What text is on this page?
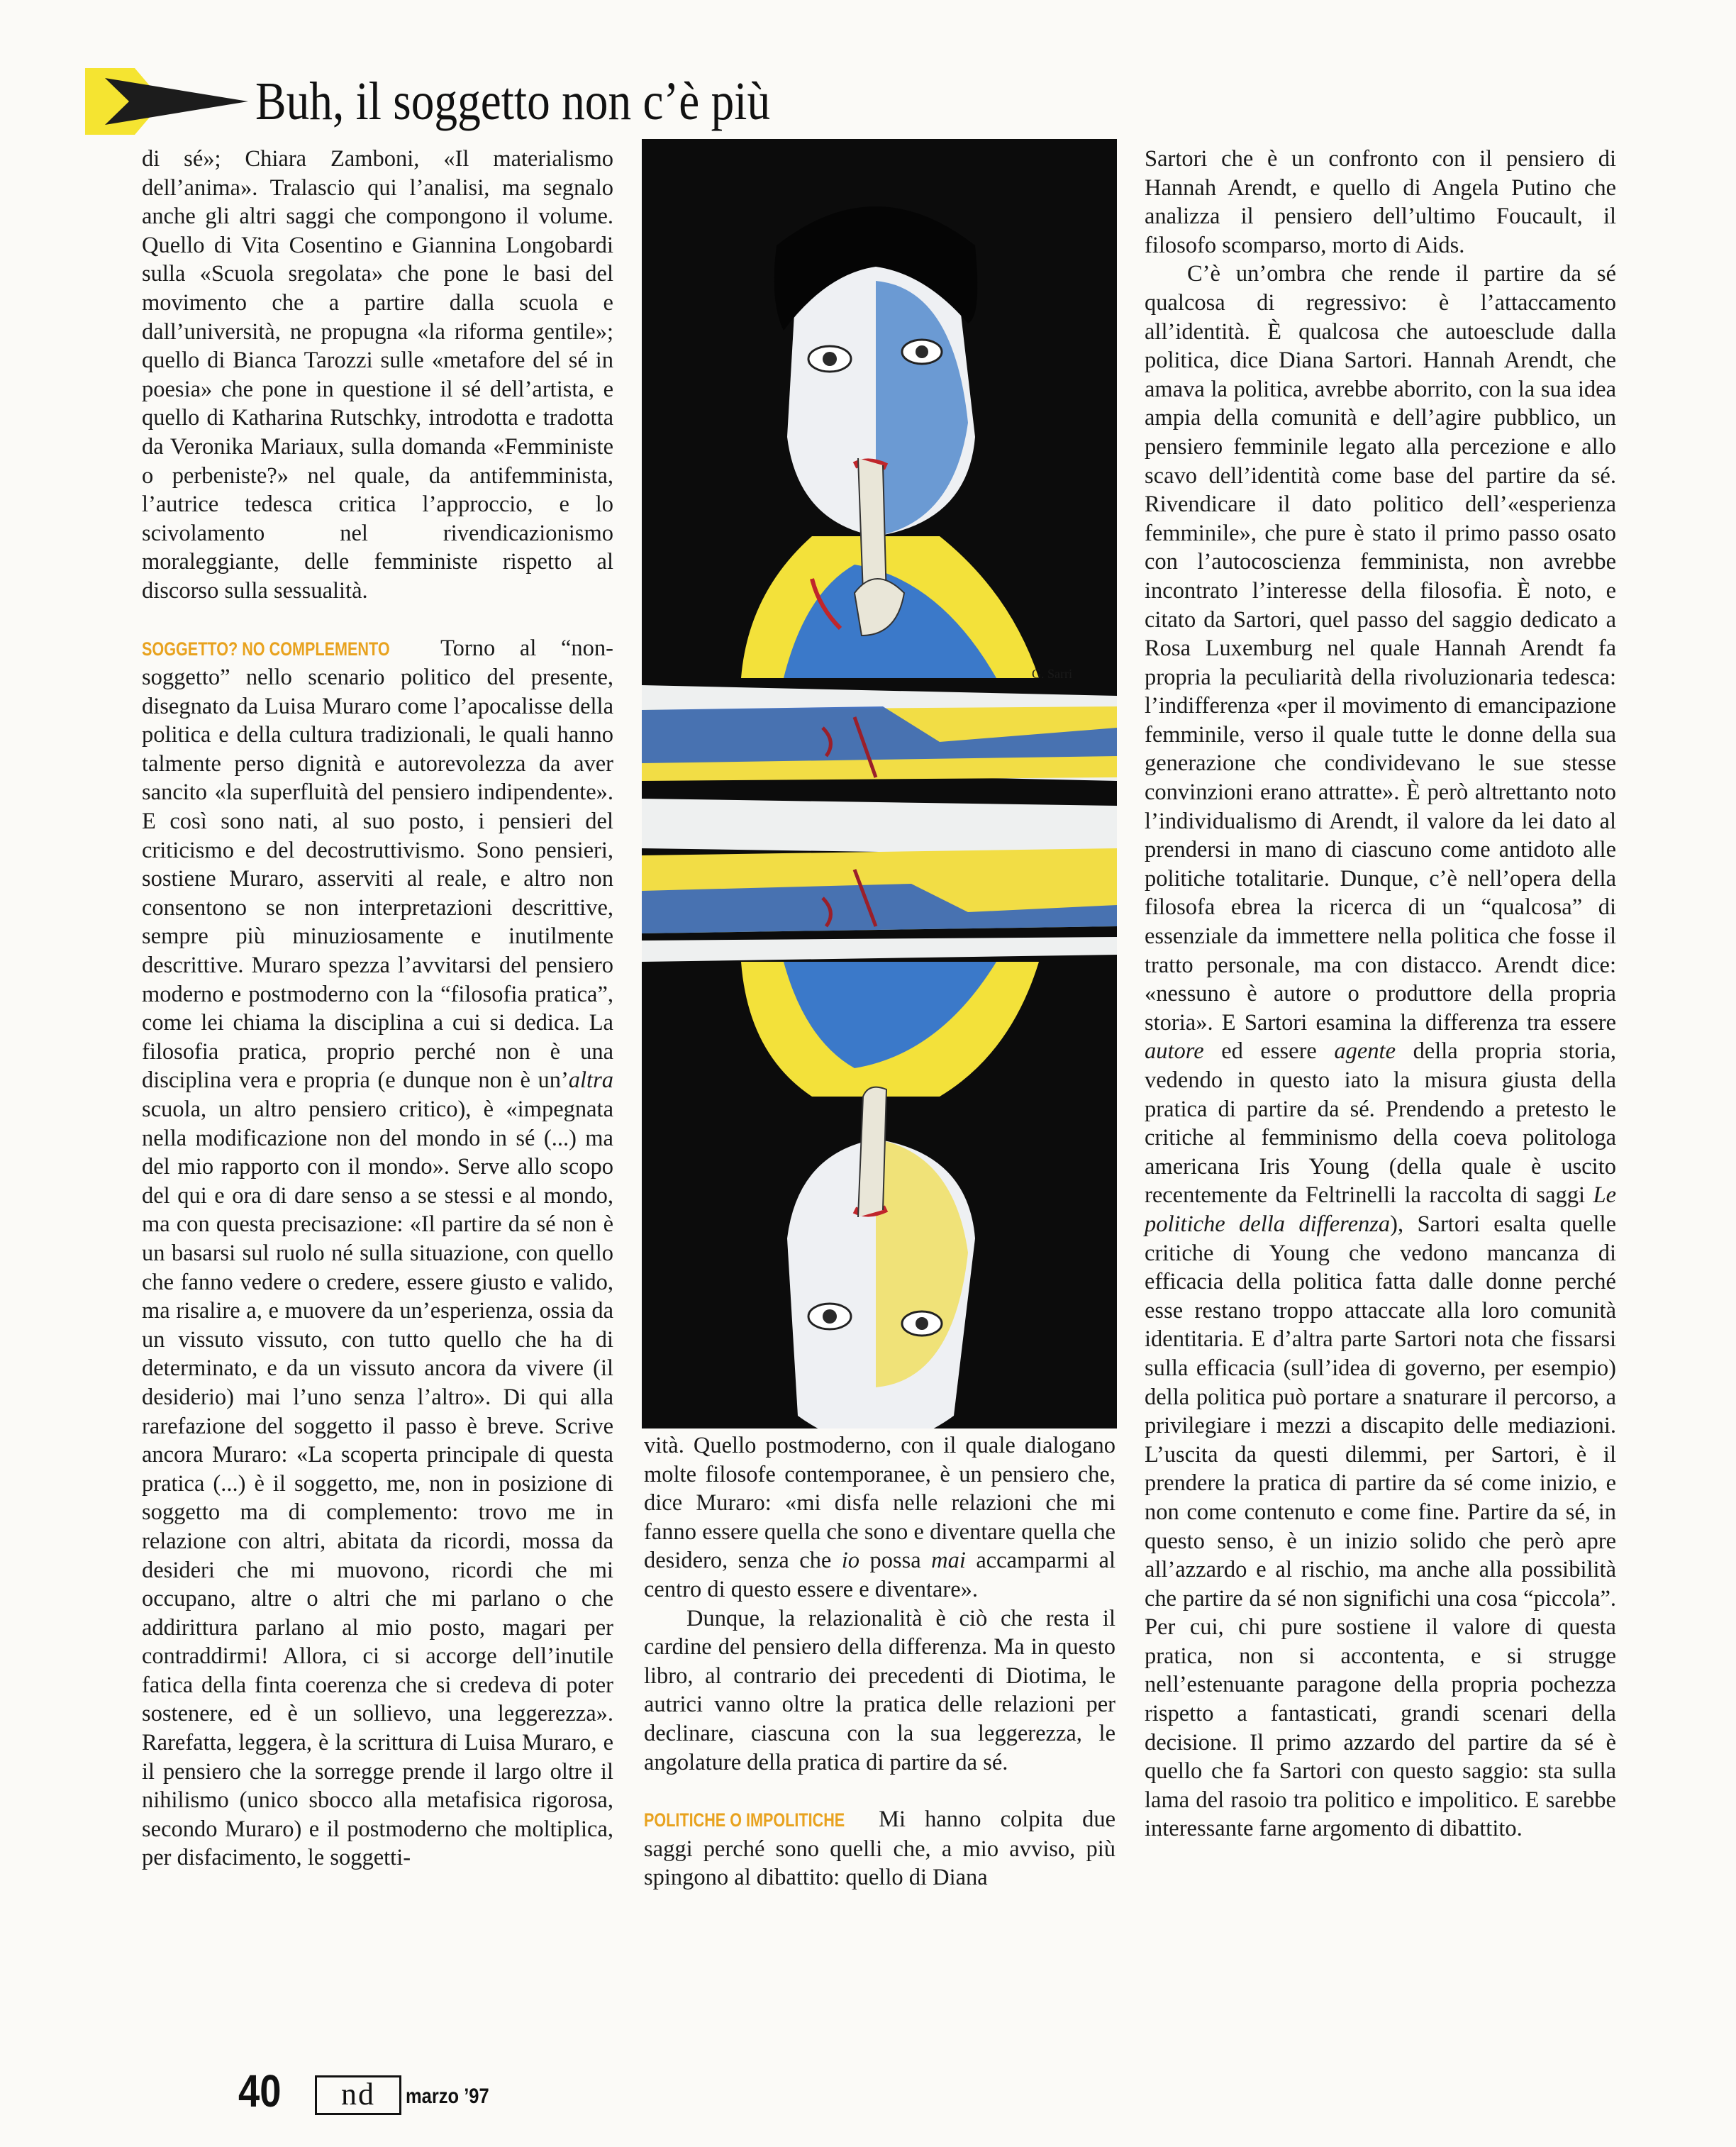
Buh, il soggetto non c’è più

di sé»; Chiara Zamboni, «Il materialismo dell’anima». Tralascio qui l’analisi, ma segnalo anche gli altri saggi che compongono il volume. Quello di Vita Cosentino e Giannina Longobardi sulla «Scuola sregolata» che pone le basi del movimento che a partire dalla scuola e dall’università, ne propugna «la riforma gentile»; quello di Bianca Tarozzi sulle «metafore del sé in poesia» che pone in questione il sé dell’artista, e quello di Katharina Rutschky, introdotta e tradotta da Veronika Mariaux, sulla domanda «Femministe o perbeniste?» nel quale, da antifemminista, l’autrice tedesca critica l’approccio, e lo scivolamento nel rivendicazionismo moraleggiante, delle femministe rispetto al discorso sulla sessualità.

SOGGETTO? NO COMPLEMENTO Torno al “non-soggetto” nello scenario politico del presente, disegnato da Luisa Muraro come l’apocalisse della politica e della cultura tradizionali, le quali hanno talmente perso dignità e autorevolezza da aver sancito «la superfluità del pensiero indipendente». E così sono nati, al suo posto, i pensieri del criticismo e del decostruttivismo. Sono pensieri, sostiene Muraro, asserviti al reale, e altro non consentono se non interpretazioni descrittive, sempre più minuziosamente e inutilmente descrittive. Muraro spezza l’avvitarsi del pensiero moderno e postmoderno con la “filosofia pratica”, come lei chiama la disciplina a cui si dedica. La filosofia pratica, proprio perché non è una disciplina vera e propria (e dunque non è un’altra scuola, un altro pensiero critico), è «impegnata nella modificazione non del mondo in sé (...) ma del mio rapporto con il mondo». Serve allo scopo del qui e ora di dare senso a se stessi e al mondo, ma con questa precisazione: «Il partire da sé non è un basarsi sul ruolo né sulla situazione, con quello che fanno vedere o credere, essere giusto e valido, ma risalire a, e muovere da un’esperienza, ossia da un vissuto vissuto, con tutto quello che ha di determinato, e da un vissuto ancora da vivere (il desiderio) mai l’uno senza l’altro». Di qui alla rarefazione del soggetto il passo è breve. Scrive ancora Muraro: «La scoperta principale di questa pratica (...) è il soggetto, me, non in posizione di soggetto ma di complemento: trovo me in relazione con altri, abitata da ricordi, mossa da desideri che mi muovono, ricordi che mi occupano, altre o altri che mi parlano o che addirittura parlano al mio posto, magari per contraddirmi! Allora, ci si accorge dell’inutile fatica della finta coerenza che si credeva di poter sostenere, ed è un sollievo, una leggerezza». Rarefatta, leggera, è la scrittura di Luisa Muraro, e il pensiero che la sorregge prende il largo oltre il nihilismo (unico sbocco alla metafisica rigorosa, secondo Muraro) e il postmoderno che moltiplica, per disfacimento, le soggetti-

G. Sarri

vità. Quello postmoderno, con il quale dialogano molte filosofe contemporanee, è un pensiero che, dice Muraro: «mi disfa nelle relazioni che mi fanno essere quella che sono e diventare quella che desidero, senza che io possa mai accamparmi al centro di questo essere e diventare».

Dunque, la relazionalità è ciò che resta il cardine del pensiero della differenza. Ma in questo libro, al contrario dei precedenti di Diotima, le autrici vanno oltre la pratica delle relazioni per declinare, ciascuna con la sua leggerezza, le angolature della pratica di partire da sé.

POLITICHE O IMPOLITICHE Mi hanno colpita due saggi perché sono quelli che, a mio avviso, più spingono al dibattito: quello di Diana

Sartori che è un confronto con il pensiero di Hannah Arendt, e quello di Angela Putino che analizza il pensiero dell’ultimo Foucault, il filosofo scomparso, morto di Aids.

C’è un’ombra che rende il partire da sé qualcosa di regressivo: è l’attaccamento all’identità. È qualcosa che autoesclude dalla politica, dice Diana Sartori. Hannah Arendt, che amava la politica, avrebbe aborrito, con la sua idea ampia della comunità e dell’agire pubblico, un pensiero femminile legato alla percezione e allo scavo dell’identità come base del partire da sé. Rivendicare il dato politico dell’«esperienza femminile», che pure è stato il primo passo osato con l’autocoscienza femminista, non avrebbe incontrato l’interesse della filosofia. È noto, e citato da Sartori, quel passo del saggio dedicato a Rosa Luxemburg nel quale Hannah Arendt fa propria la peculiarità della rivoluzionaria tedesca: l’indifferenza «per il movimento di emancipazione femminile, verso il quale tutte le donne della sua generazione che condividevano le sue stesse convinzioni erano attratte». È però altrettanto noto l’individualismo di Arendt, il valore da lei dato al prendersi in mano di ciascuno come antidoto alle politiche totalitarie. Dunque, c’è nell’opera della filosofa ebrea la ricerca di un “qualcosa” di essenziale da immettere nella politica che fosse il tratto personale, ma con distacco. Arendt dice: «nessuno è autore o produttore della propria storia». E Sartori esamina la differenza tra essere autore ed essere agente della propria storia, vedendo in questo iato la misura giusta della pratica di partire da sé. Prendendo a pretesto le critiche al femminismo della coeva politologa americana Iris Young (della quale è uscito recentemente da Feltrinelli la raccolta di saggi Le politiche della differenza), Sartori esalta quelle critiche di Young che vedono mancanza di efficacia della politica fatta dalle donne perché esse restano troppo attaccate alla loro comunità identitaria. E d’altra parte Sartori nota che fissarsi sulla efficacia (sull’idea di governo, per esempio) della politica può portare a snaturare il percorso, a privilegiare i mezzi a discapito delle mediazioni. L’uscita da questi dilemmi, per Sartori, è il prendere la pratica di partire da sé come inizio, e non come contenuto e come fine. Partire da sé, in questo senso, è un inizio solido che però apre all’azzardo e al rischio, ma anche alla possibilità che partire da sé non significhi una cosa “piccola”. Per cui, chi pure sostiene il valore di questa pratica, non si accontenta, e si strugge nell’estenuante paragone della propria pochezza rispetto a fantasticati, grandi scenari della decisione. Il primo azzardo del partire da sé è quello che fa Sartori con questo saggio: sta sulla lama del rasoio tra politico e impolitico. E sarebbe interessante farne argomento di dibattito.

40	nd	marzo ’97
